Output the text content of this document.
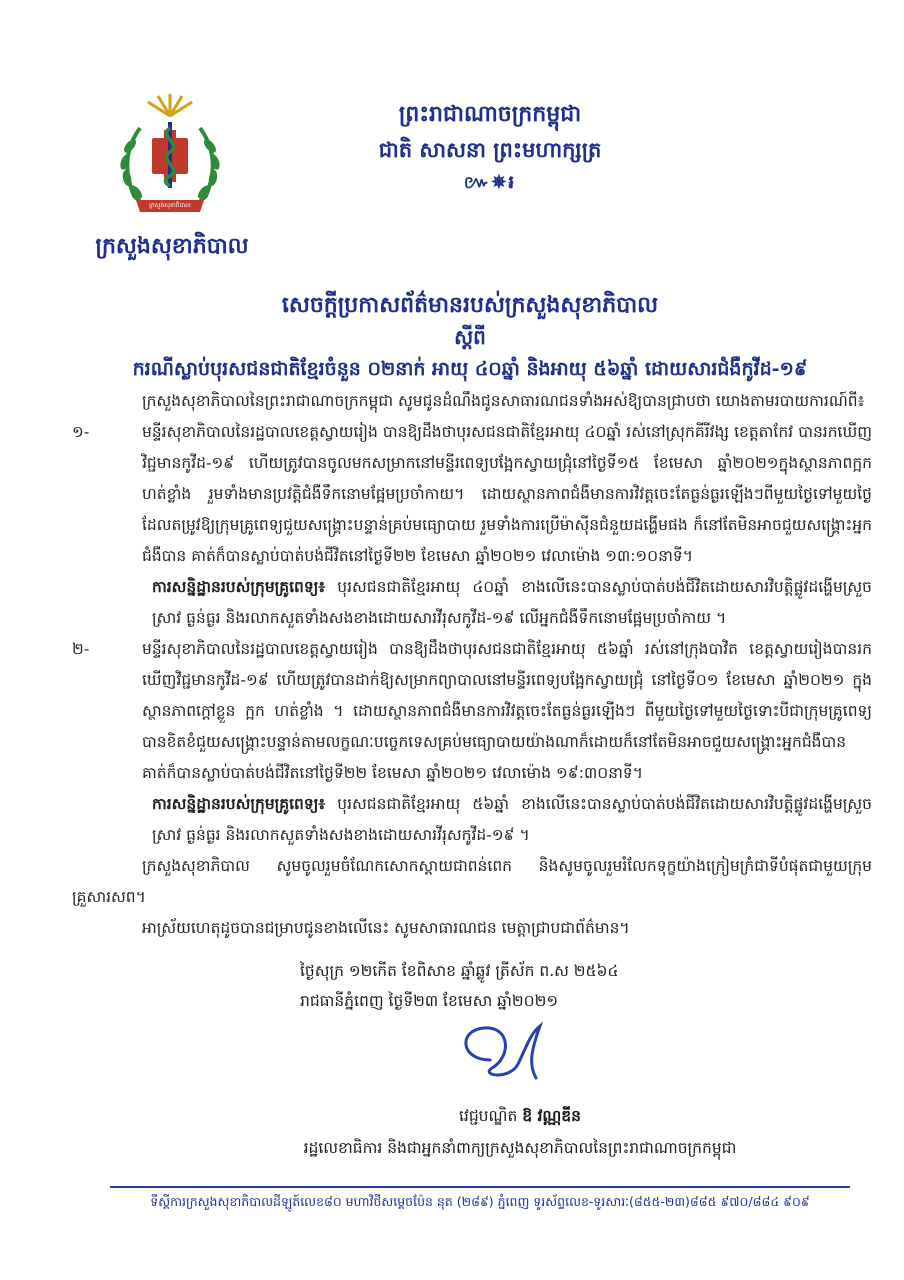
ព្រះរាជាណាចក្រកម្ពុជា
ជាតិ សាសនា ព្រះមហាក្សត្រ
៚✵៛
ក្រសួងសុខាភិបាល
ក្រសួងសុខាភិបាល
សេចក្តីប្រកាសព័ត៌មានរបស់ក្រសួងសុខាភិបាល
ស្តីពី
ករណីស្លាប់បុរសជនជាតិខ្មែរចំនួន ០២នាក់ អាយុ ៤០ឆ្នាំ និងអាយុ ៥៦ឆ្នាំ ដោយសារជំងឺកូវីដ-១៩
ក្រសួងសុខាភិបាលនៃព្រះរាជាណាចក្រកម្ពុជា សូមជូនដំណឹងជូនសាធារណជនទាំងអស់ឱ្យបានជ្រាបថា យោងតាមរបាយការណ៍ពី៖
១-	មន្ទីរសុខាភិបាលនៃរដ្ឋបាលខេត្តស្វាយរៀង បានឱ្យដឹងថាបុរសជនជាតិខ្មែរអាយុ ៤០ឆ្នាំ រស់នៅស្រុកគីរីវង្ស ខេត្តតាកែវ បានរកឃើញវិជ្ជមានកូវីដ-១៩ ហើយត្រូវបានចូលមកសម្រាកនៅមន្ទីរពេទ្យបង្អែកស្វាយជ្រុំនៅថ្ងៃទី១៥ ខែមេសា ឆ្នាំ២០២១ក្នុងស្ថានភាពក្អក ហត់ខ្លាំង រួមទាំងមានប្រវត្តិជំងឺទឹកនោមផ្អែមប្រចាំកាយ។ ដោយស្ថានភាពជំងឺមានការវិវត្តចេះតែធ្ងន់ធ្ងរឡើងៗពីមួយថ្ងៃទៅមួយថ្ងៃ ដែលតម្រូវឱ្យក្រុមគ្រូពេទ្យជួយសង្គ្រោះបន្ទាន់គ្រប់មធ្យោបាយ រួមទាំងការប្រើម៉ាស៊ីនជំនួយដង្ហើមផង ក៏នៅតែមិនអាចជួយសង្គ្រោះអ្នកជំងឺបាន គាត់ក៏បានស្លាប់បាត់បង់ជីវិតនៅថ្ងៃទី២២ ខែមេសា ឆ្នាំ២០២១ វេលាម៉ោង ១៣:១០នាទី។
ការសន្និដ្ឋានរបស់ក្រុមគ្រូពេទ្យ៖ បុរសជនជាតិខ្មែរអាយុ ៤០ឆ្នាំ ខាងលើនេះបានស្លាប់បាត់បង់ជីវិតដោយសារវិបត្តិផ្លូវដង្ហើមស្រួចស្រាវ ធ្ងន់ធ្ងរ និងរលាកសួតទាំងសងខាងដោយសារវីរុសកូវីដ-១៩ លើអ្នកជំងឺទឹកនោមផ្អែមប្រចាំកាយ ។
២-	មន្ទីរសុខាភិបាលនៃរដ្ឋបាលខេត្តស្វាយរៀង បានឱ្យដឹងថាបុរសជនជាតិខ្មែរអាយុ ៥៦ឆ្នាំ រស់នៅក្រុងបាវិត ខេត្តស្វាយរៀងបានរកឃើញវិជ្ជមានកូវីដ-១៩ ហើយត្រូវបានដាក់ឱ្យសម្រាកព្យាបាលនៅមន្ទីរពេទ្យបង្អែកស្វាយជ្រុំ នៅថ្ងៃទី០១ ខែមេសា ឆ្នាំ២០២១ ក្នុងស្ថានភាពក្តៅខ្លួន ក្អក ហត់ខ្លាំង ។ ដោយស្ថានភាពជំងឺមានការវិវត្តចេះតែធ្ងន់ធ្ងរឡើងៗ ពីមួយថ្ងៃទៅមួយថ្ងៃទោះបីជាក្រុមគ្រូពេទ្យបានខិតខំជួយសង្គ្រោះបន្ទាន់តាមលក្ខណៈបច្ចេកទេសគ្រប់មធ្យោបាយយ៉ាងណាក៏ដោយក៏នៅតែមិនអាចជួយសង្គ្រោះអ្នកជំងឺបាន គាត់ក៏បានស្លាប់បាត់បង់ជីវិតនៅថ្ងៃទី២២ ខែមេសា ឆ្នាំ២០២១ វេលាម៉ោង ១៩:៣០នាទី។
ការសន្និដ្ឋានរបស់ក្រុមគ្រូពេទ្យ៖ បុរសជនជាតិខ្មែរអាយុ ៥៦ឆ្នាំ ខាងលើនេះបានស្លាប់បាត់បង់ជីវិតដោយសារវិបត្តិផ្លូវដង្ហើមស្រួចស្រាវ ធ្ងន់ធ្ងរ និងរលាកសួតទាំងសងខាងដោយសារវីរុសកូវីដ-១៩ ។
ក្រសួងសុខាភិបាល សូមចូលរួមចំណែកសោកស្តាយជាពន់ពេក និងសូមចូលរួមរំលែកទុក្ខយ៉ាងក្រៀមក្រំជាទីបំផុតជាមួយក្រុមគ្រួសារសព។
អាស្រ័យហេតុដូចបានជម្រាបជូនខាងលើនេះ សូមសាធារណជន មេត្តាជ្រាបជាព័ត៌មាន។
ថ្ងៃសុក្រ ១២កើត ខែពិសាខ ឆ្នាំឆ្លូវ ត្រីស័ក ព.ស ២៥៦៤
រាជធានីភ្នំពេញ ថ្ងៃទី២៣ ខែមេសា ឆ្នាំ២០២១
វេជ្ជបណ្ឌិត ឱ វណ្ណឌីន
រដ្ឋលេខាធិការ និងជាអ្នកនាំពាក្យក្រសួងសុខាភិបាលនៃព្រះរាជាណាចក្រកម្ពុជា
ទីស្តីការក្រសួងសុខាភិបាលដីឡូត៍លេខ៨០ មហាវិថីសម្តេចប៉ែន នុត (២៨៩) ភ្នំពេញ ទូរស័ព្ទលេខ-ទូរសារៈ(៨៥៥-២៣)៨៨៥ ៩៧០/៨៨៤ ៩០៩
